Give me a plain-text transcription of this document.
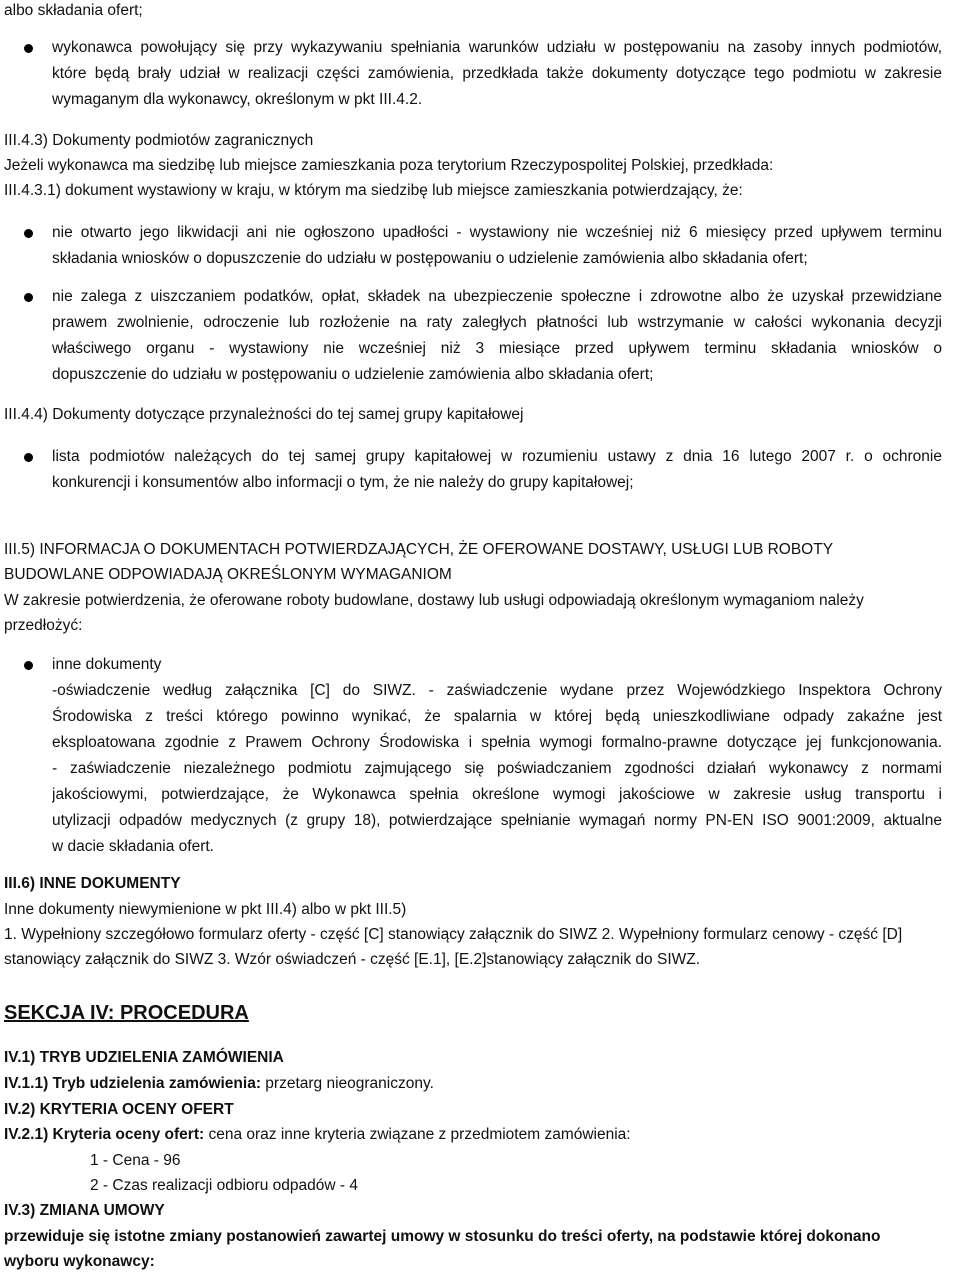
albo składania ofert;
wykonawca powołujący się przy wykazywaniu spełniania warunków udziału w postępowaniu na zasoby innych podmiotów,
które będą brały udział w realizacji części zamówienia, przedkłada także dokumenty dotyczące tego podmiotu w zakresie
wymaganym dla wykonawcy, określonym w pkt III.4.2.
III.4.3) Dokumenty podmiotów zagranicznych
Jeżeli wykonawca ma siedzibę lub miejsce zamieszkania poza terytorium Rzeczypospolitej Polskiej, przedkłada:
III.4.3.1) dokument wystawiony w kraju, w którym ma siedzibę lub miejsce zamieszkania potwierdzający, że:
nie otwarto jego likwidacji ani nie ogłoszono upadłości - wystawiony nie wcześniej niż 6 miesięcy przed upływem terminu
składania wniosków o dopuszczenie do udziału w postępowaniu o udzielenie zamówienia albo składania ofert;
nie zalega z uiszczaniem podatków, opłat, składek na ubezpieczenie społeczne i zdrowotne albo że uzyskał przewidziane
prawem zwolnienie, odroczenie lub rozłożenie na raty zaległych płatności lub wstrzymanie w całości wykonania decyzji
właściwego organu - wystawiony nie wcześniej niż 3 miesiące przed upływem terminu składania wniosków o
dopuszczenie do udziału w postępowaniu o udzielenie zamówienia albo składania ofert;
III.4.4) Dokumenty dotyczące przynależności do tej samej grupy kapitałowej
lista podmiotów należących do tej samej grupy kapitałowej w rozumieniu ustawy z dnia 16 lutego 2007 r. o ochronie
konkurencji i konsumentów albo informacji o tym, że nie należy do grupy kapitałowej;
III.5) INFORMACJA O DOKUMENTACH POTWIERDZAJĄCYCH, ŻE OFEROWANE DOSTAWY, USŁUGI LUB ROBOTY
BUDOWLANE ODPOWIADAJĄ OKREŚLONYM WYMAGANIOM
W zakresie potwierdzenia, że oferowane roboty budowlane, dostawy lub usługi odpowiadają określonym wymaganiom należy
przedłożyć:
inne dokumenty
-oświadczenie według załącznika [C] do SIWZ. - zaświadczenie wydane przez Wojewódzkiego Inspektora Ochrony
Środowiska z treści którego powinno wynikać, że spalarnia w której będą unieszkodliwiane odpady zakaźne jest
eksploatowana zgodnie z Prawem Ochrony Środowiska i spełnia wymogi formalno-prawne dotyczące jej funkcjonowania.
- zaświadczenie niezależnego podmiotu zajmującego się poświadczaniem zgodności działań wykonawcy z normami
jakościowymi, potwierdzające, że Wykonawca spełnia określone wymogi jakościowe w zakresie usług transportu i
utylizacji odpadów medycznych (z grupy 18), potwierdzające spełnianie wymagań normy PN-EN ISO 9001:2009, aktualne
w dacie składania ofert.
III.6) INNE DOKUMENTY
Inne dokumenty niewymienione w pkt III.4) albo w pkt III.5)
1. Wypełniony szczegółowo formularz oferty - część [C] stanowiący załącznik do SIWZ 2. Wypełniony formularz cenowy - część [D]
stanowiący załącznik do SIWZ 3. Wzór oświadczeń - część [E.1], [E.2]stanowiący załącznik do SIWZ.
SEKCJA IV: PROCEDURA
IV.1) TRYB UDZIELENIA ZAMÓWIENIA
IV.1.1) Tryb udzielenia zamówienia: przetarg nieograniczony.
IV.2) KRYTERIA OCENY OFERT
IV.2.1) Kryteria oceny ofert: cena oraz inne kryteria związane z przedmiotem zamówienia:
1 - Cena - 96
2 - Czas realizacji odbioru odpadów - 4
IV.3) ZMIANA UMOWY
przewiduje się istotne zmiany postanowień zawartej umowy w stosunku do treści oferty, na podstawie której dokonano
wyboru wykonawcy:
